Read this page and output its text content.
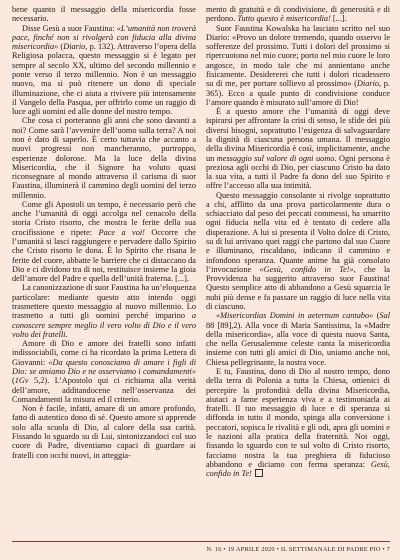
bene quanto il messaggio della misericordia fosse necessario.

Disse Gesù a suor Faustina: «L’umanità non troverà pace, finché non si rivolgerà con fiducia alla divina misericordia» (Diario, p. 132). Attraverso l’opera della Religiosa polacca, questo messaggio si è legato per sempre al secolo XX, ultimo del secondo millennio e ponte verso il terzo millennio. Non è un messaggio nuovo, ma si può ritenere un dono di speciale illuminazione, che ci aiuta a rivivere più intensamente il Vangelo della Pasqua, per offrirlo come un raggio di luce agli uomini ed alle donne del nostro tempo.

Che cosa ci porteranno gli anni che sono davanti a noi? Come sarà l’avvenire dell’uomo sulla terra? A noi non è dato di saperlo. È certo tuttavia che accanto a nuovi progressi non mancheranno, purtroppo, esperienze dolorose. Ma la luce della divina Misericordia, che il Signore ha voluto quasi riconsegnare al mondo attraverso il carisma di suor Faustina, illuminerà il cammino degli uomini del terzo millennio.

Come gli Apostoli un tempo, è necessario però che anche l’umanità di oggi accolga nel cenacolo della storia Cristo risorto, che mostra le ferite della sua crocifissione e ripete: Pace a voi! Occorre che l’umanità si lasci raggiungere e pervadere dallo Spirito che Cristo risorto le dona. È lo Spirito che risana le ferite del cuore, abbatte le barriere che ci distaccano da Dio e ci dividono tra di noi, restituisce insieme la gioia dell’amore del Padre e quella dell’unità fraterna. [...].

La canonizzazione di suor Faustina ha un’eloquenza particolare: mediante questo atto intendo oggi trasmettere questo messaggio al nuovo millennio. Lo trasmetto a tutti gli uomini perché imparino a conoscere sempre meglio il vero volto di Dio e il vero volto dei fratelli.

Amore di Dio e amore dei fratelli sono infatti indissociabili, come ci ha ricordato la prima Lettera di Giovanni: «Da questo conosciamo di amare i figli di Dio: se amiamo Dio e ne osserviamo i comandamenti» (1Gv 5,2). L’Apostolo qui ci richiama alla verità dell’amore, additandocene nell’osservanza dei Comandamenti la misura ed il criterio.

Non è facile, infatti, amare di un amore profondo, fatto di autentico dono di sé. Questo amore si apprende solo alla scuola di Dio, al calore della sua carità. Fissando lo sguardo su di Lui, sintonizzandoci col suo cuore di Padre, diventiamo capaci di guardare ai fratelli con occhi nuovi, in atteggia-

mento di gratuità e di condivisione, di generosità e di perdono. Tutto questo è misericordia! [...].

Suor Faustina Kowalska ha lasciato scritto nel suo Diario: «Provo un dolore tremendo, quando osservo le sofferenze del prossimo. Tutti i dolori del prossimo si ripercuotono nel mio cuore; porto nel mio cuore le loro angosce, in modo tale che mi annientano anche fisicamente. Desidererei che tutti i dolori ricadessero su di me, per portare sollievo al prossimo» (Diario, p. 365). Ecco a quale punto di condivisione conduce l’amore quando è misurato sull’amore di Dio!

È a questo amore che l’umanità di oggi deve ispirarsi per affrontare la crisi di senso, le sfide dei più diversi bisogni, soprattutto l’esigenza di salvaguardare la dignità di ciascuna persona umana. Il messaggio della divina Misericordia è così, implicitamente, anche un messaggio sul valore di ogni uomo. Ogni persona è preziosa agli occhi di Dio, per ciascuno Cristo ha dato la sua vita, a tutti il Padre fa dono del suo Spirito e offre l’accesso alla sua intimità.

Questo messaggio consolante si rivolge soprattutto a chi, afflitto da una prova particolarmente dura o schiacciato dal peso dei peccati commessi, ha smarrito ogni fiducia nella vita ed è tentato di cedere alla disperazione. A lui si presenta il Volto dolce di Cristo, su di lui arrivano quei raggi che partono dal suo Cuore e illuminano, riscaldano, indicano il cammino e infondono speranza. Quante anime ha già consolato l’invocazione «Gesù, confido in Te!», che la Provvidenza ha suggerito attraverso suor Faustina! Questo semplice atto di abbandono a Gesù squarcia le nubi più dense e fa passare un raggio di luce nella vita di ciascuno.

«Misericordias Domini in aeternum cantabo» (Sal 88 [89],2). Alla voce di Maria Santissima, la «Madre della misericordia», alla voce di questa nuova Santa, che nella Gerusalemme celeste canta la misericordia insieme con tutti gli amici di Dio, uniamo anche noi, Chiesa pellegrinante, la nostra voce.

E tu, Faustina, dono di Dio al nostro tempo, dono della terra di Polonia a tutta la Chiesa, ottienici di percepire la profondità della divina Misericordia, aiutaci a farne esperienza viva e a testimoniarla ai fratelli. Il tuo messaggio di luce e di speranza si diffonda in tutto il mondo, spinga alla conversione i peccatori, sopisca le rivalità e gli odi, apra gli uomini e le nazioni alla pratica della fraternità. Noi oggi, fissando lo sguardo con te sul volto di Cristo risorto, facciamo nostra la tua preghiera di fiducioso abbandono e diciamo con ferma speranza: Gesù, confido in Te!

N. 16 • 19 APRILE 2020 • IL SETTIMANALE DI PADRE PIO • 7
